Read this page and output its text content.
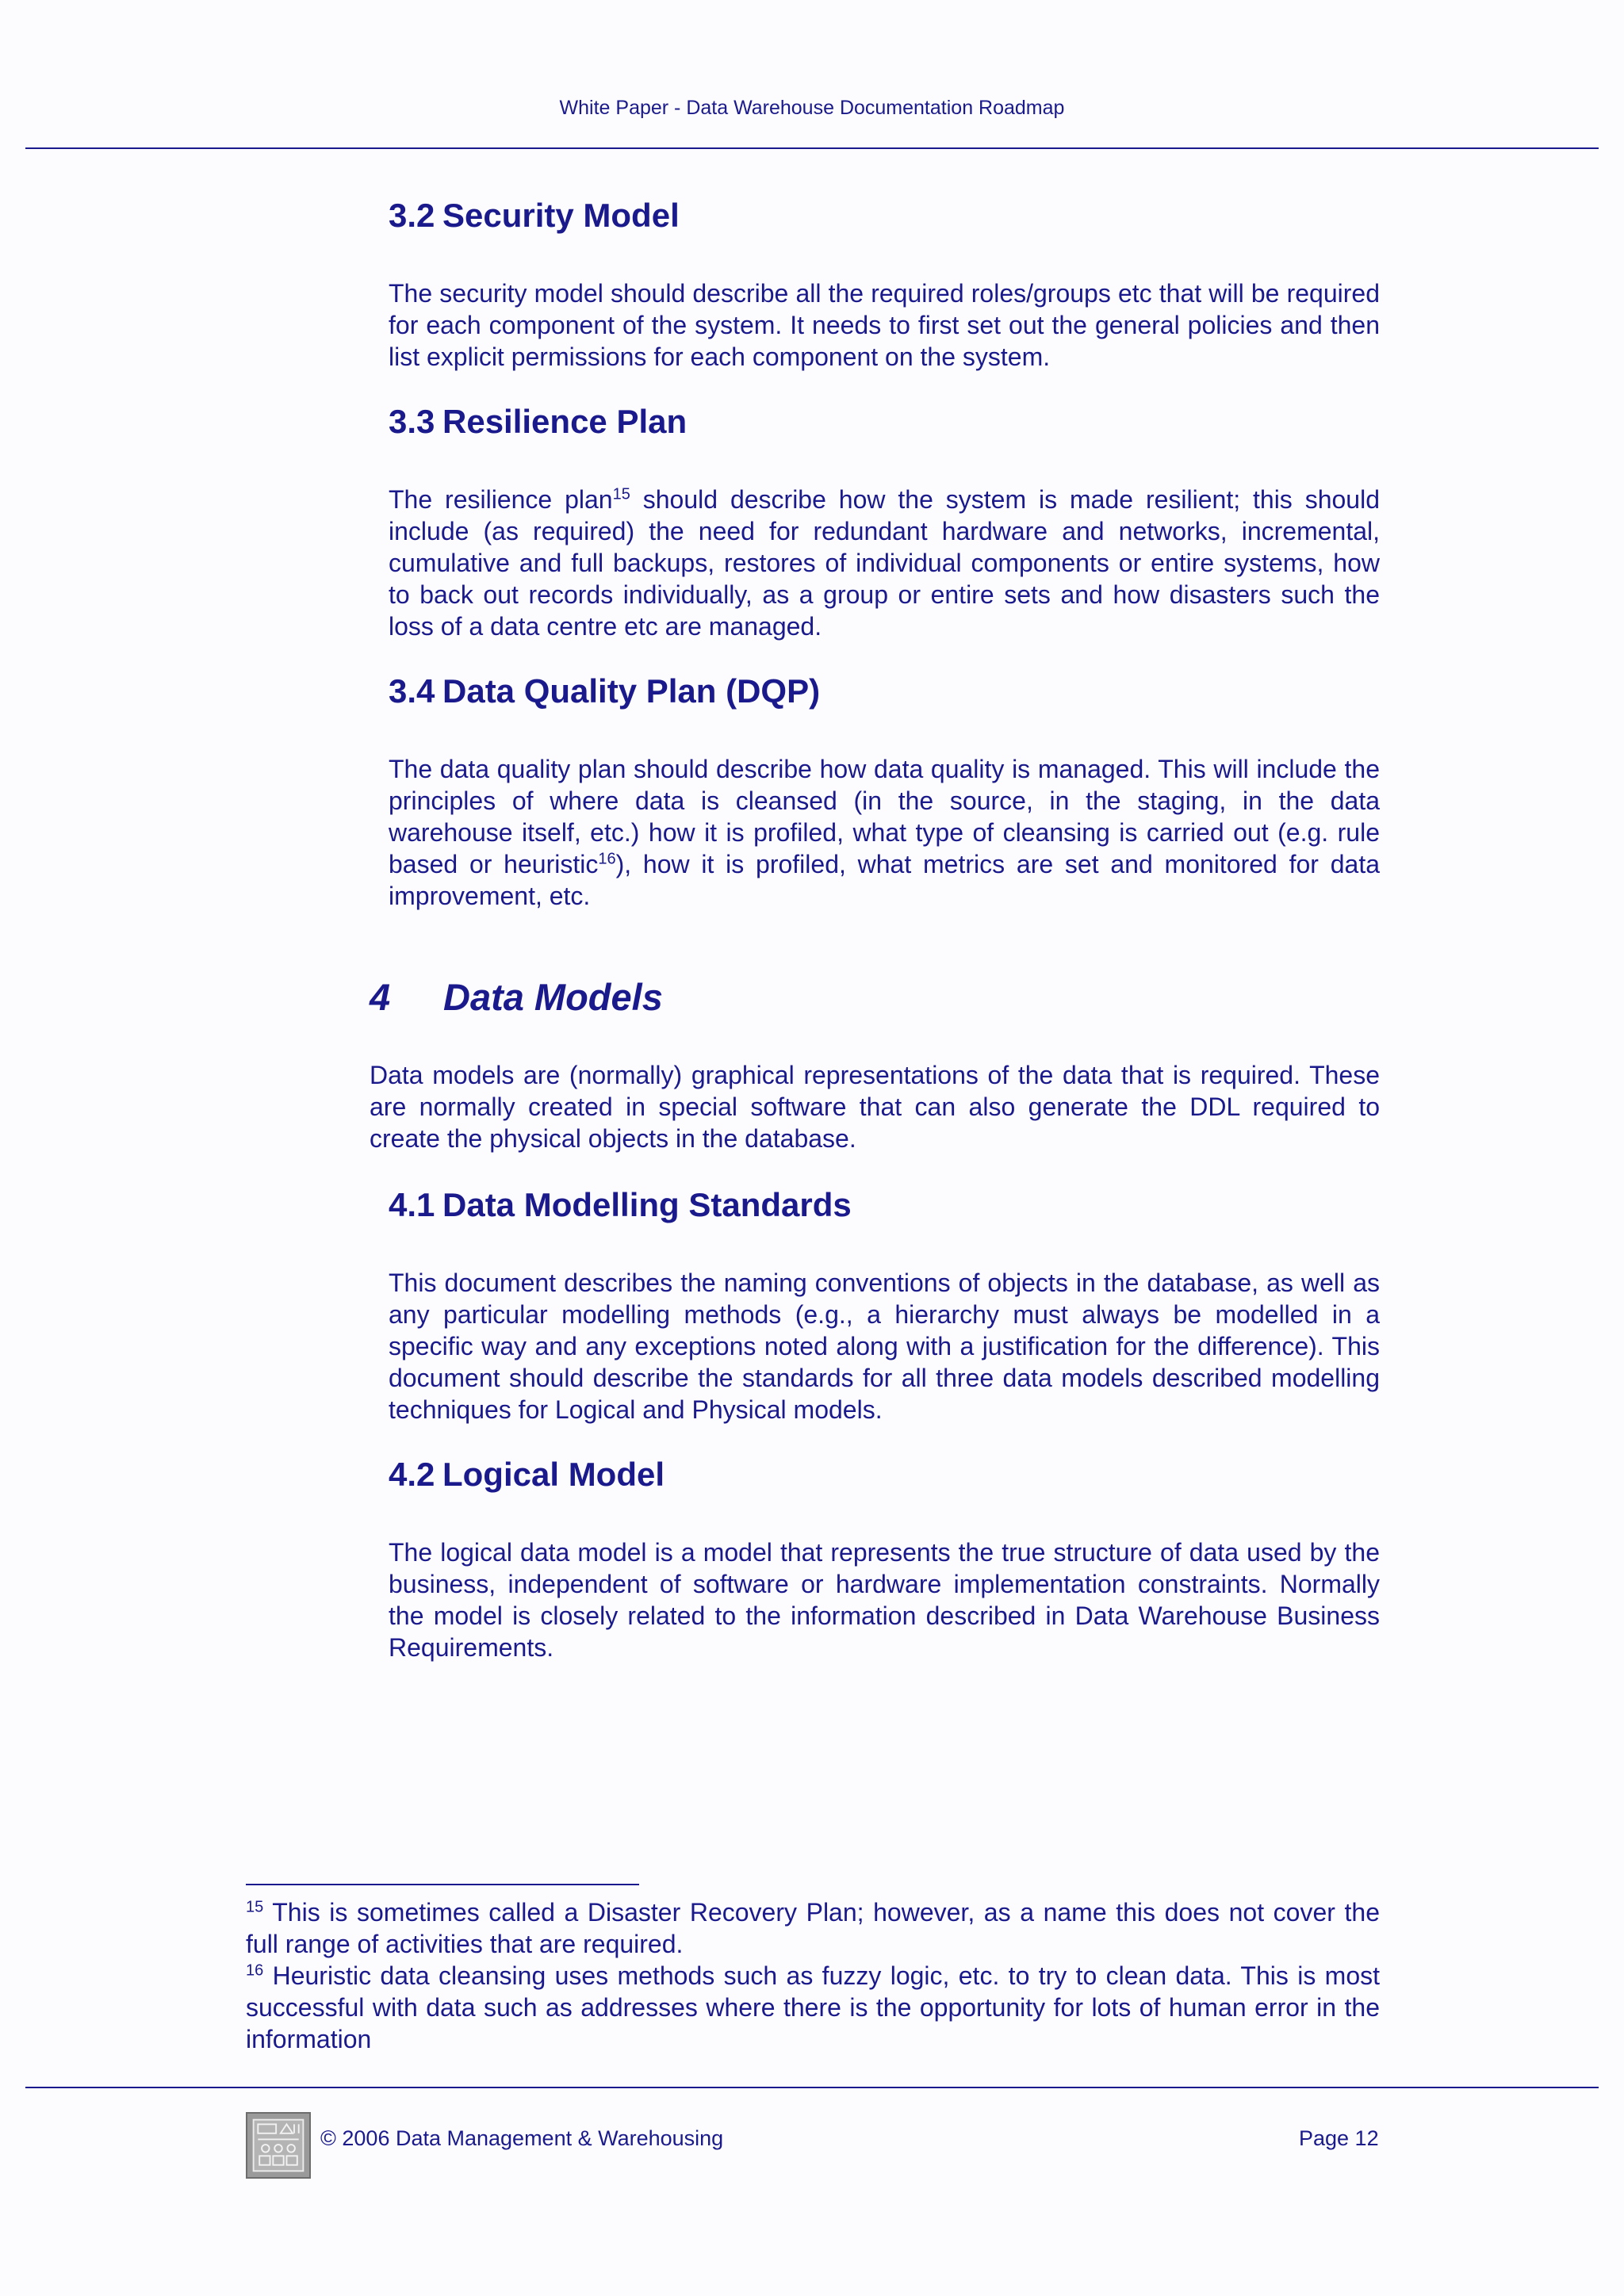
White Paper - Data Warehouse Documentation Roadmap
3.2 Security Model
The security model should describe all the required roles/groups etc that will be required for each component of the system. It needs to first set out the general policies and then list explicit permissions for each component on the system.
3.3 Resilience Plan
The resilience plan$^{15}$ should describe how the system is made resilient; this should include (as required) the need for redundant hardware and networks, incremental, cumulative and full backups, restores of individual components or entire systems, how to back out records individually, as a group or entire sets and how disasters such the loss of a data centre etc are managed.
3.4 Data Quality Plan (DQP)
The data quality plan should describe how data quality is managed. This will include the principles of where data is cleansed (in the source, in the staging, in the data warehouse itself, etc.) how it is profiled, what type of cleansing is carried out (e.g. rule based or heuristic$^{16}$), how it is profiled, what metrics are set and monitored for data improvement, etc.
4 Data Models
Data models are (normally) graphical representations of the data that is required. These are normally created in special software that can also generate the DDL required to create the physical objects in the database.
4.1 Data Modelling Standards
This document describes the naming conventions of objects in the database, as well as any particular modelling methods (e.g., a hierarchy must always be modelled in a specific way and any exceptions noted along with a justification for the difference). This document should describe the standards for all three data models described modelling techniques for Logical and Physical models.
4.2 Logical Model
The logical data model is a model that represents the true structure of data used by the business, independent of software or hardware implementation constraints. Normally the model is closely related to the information described in Data Warehouse Business Requirements.

$^{15}$ This is sometimes called a Disaster Recovery Plan; however, as a name this does not cover the full range of activities that are required.

$^{16}$ Heuristic data cleansing uses methods such as fuzzy logic, etc. to try to clean data. This is most successful with data such as addresses where there is the opportunity for lots of human error in the information

© 2006 Data Management & Warehousing	Page 12
